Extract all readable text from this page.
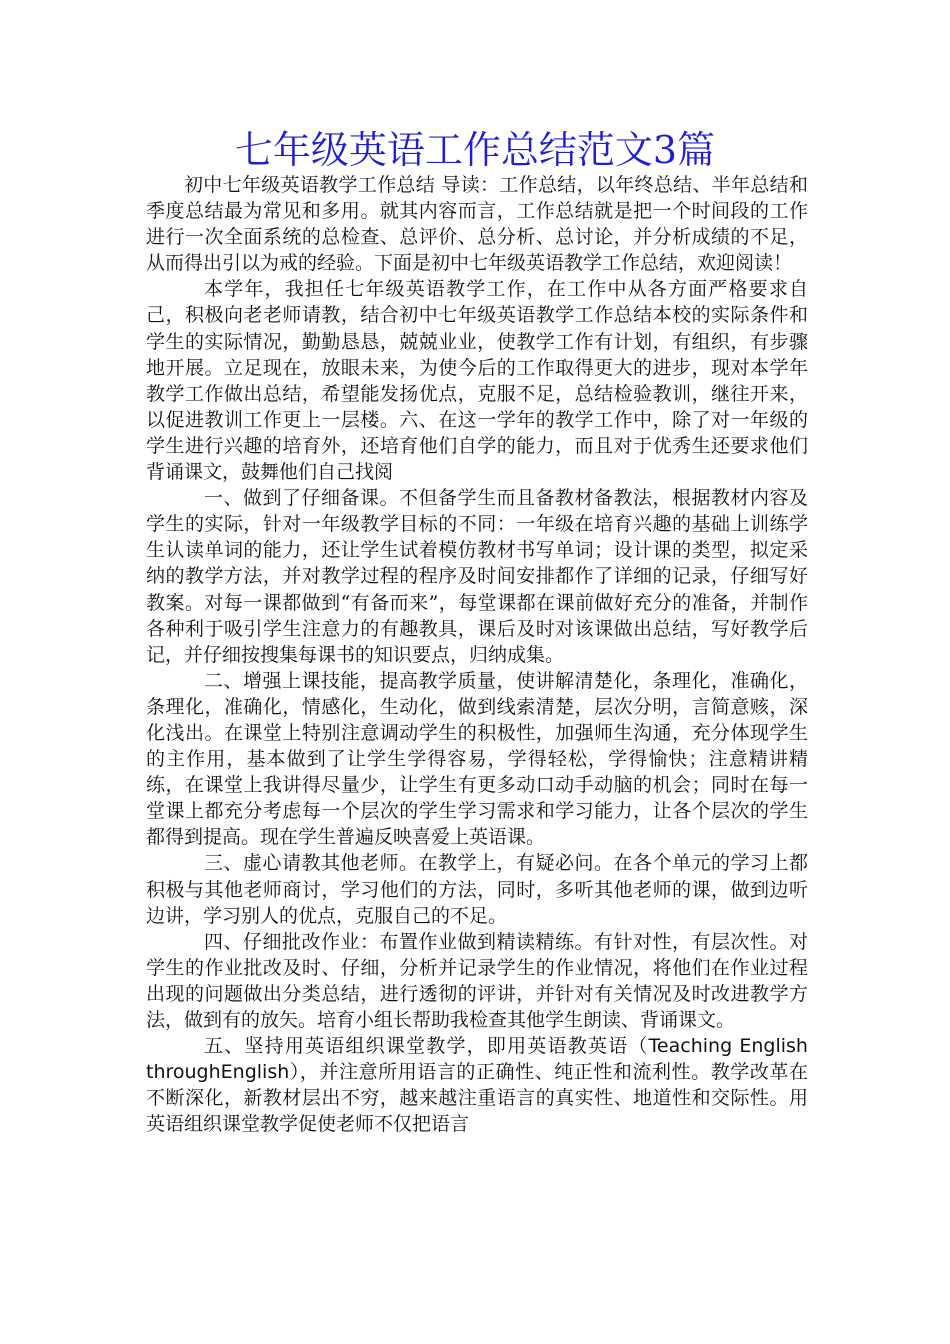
七年级英语工作总结范文3篇

初中七年级英语教学工作总结 导读：工作总结，以年终总结、半年总结和季度总结最为常见和多用。就其内容而言，工作总结就是把一个时间段的工作进行一次全面系统的总检查、总评价、总分析、总讨论，并分析成绩的不足，从而得出引以为戒的经验。下面是初中七年级英语教学工作总结，欢迎阅读！

本学年，我担任七年级英语教学工作，在工作中从各方面严格要求自己，积极向老老师请教，结合初中七年级英语教学工作总结本校的实际条件和学生的实际情况，勤勤恳恳，兢兢业业，使教学工作有计划，有组织，有步骤地开展。立足现在，放眼未来，为使今后的工作取得更大的进步，现对本学年教学工作做出总结，希望能发扬优点，克服不足，总结检验教训，继往开来，以促进教训工作更上一层楼。六、在这一学年的教学工作中，除了对一年级的学生进行兴趣的培育外，还培育他们自学的能力，而且对于优秀生还要求他们背诵课文，鼓舞他们自己找阅

一、做到了仔细备课。不但备学生而且备教材备教法，根据教材内容及学生的实际，针对一年级教学目标的不同：一年级在培育兴趣的基础上训练学生认读单词的能力，还让学生试着模仿教材书写单词；设计课的类型，拟定采纳的教学方法，并对教学过程的程序及时间安排都作了详细的记录，仔细写好教案。对每一课都做到“有备而来”，每堂课都在课前做好充分的准备，并制作各种利于吸引学生注意力的有趣教具，课后及时对该课做出总结，写好教学后记，并仔细按搜集每课书的知识要点，归纳成集。

二、增强上课技能，提高教学质量，使讲解清楚化，条理化，准确化，条理化，准确化，情感化，生动化，做到线索清楚，层次分明，言简意赅，深化浅出。在课堂上特别注意调动学生的积极性，加强师生沟通，充分体现学生的主作用，基本做到了让学生学得容易，学得轻松，学得愉快；注意精讲精练，在课堂上我讲得尽量少，让学生有更多动口动手动脑的机会；同时在每一堂课上都充分考虑每一个层次的学生学习需求和学习能力，让各个层次的学生都得到提高。现在学生普遍反映喜爱上英语课。

三、虚心请教其他老师。在教学上，有疑必问。在各个单元的学习上都积极与其他老师商讨，学习他们的方法，同时，多听其他老师的课，做到边听边讲，学习别人的优点，克服自己的不足。

四、仔细批改作业：布置作业做到精读精练。有针对性，有层次性。对学生的作业批改及时、仔细，分析并记录学生的作业情况，将他们在作业过程出现的问题做出分类总结，进行透彻的评讲，并针对有关情况及时改进教学方法，做到有的放矢。培育小组长帮助我检查其他学生朗读、背诵课文。

五、坚持用英语组织课堂教学，即用英语教英语（Teaching English throughEnglish），并注意所用语言的正确性、纯正性和流利性。教学改革在不断深化，新教材层出不穷，越来越注重语言的真实性、地道性和交际性。用英语组织课堂教学促使老师不仅把语言
